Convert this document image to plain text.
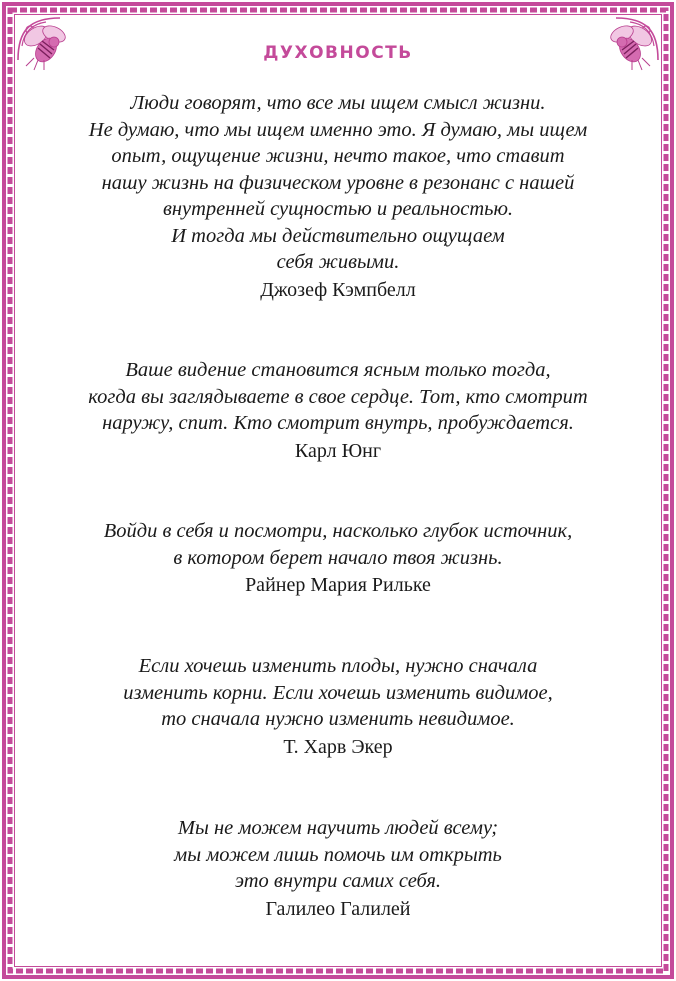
ДУХОВНОСТЬ
Люди говорят, что все мы ищем смысл жизни.
Не думаю, что мы ищем именно это. Я думаю, мы ищем
опыт, ощущение жизни, нечто такое, что ставит
нашу жизнь на физическом уровне в резонанс с нашей
внутренней сущностью и реальностью.
И тогда мы действительно ощущаем
себя живыми.
Джозеф Кэмпбелл
Ваше видение становится ясным только тогда,
когда вы заглядываете в свое сердце. Тот, кто смотрит
наружу, спит. Кто смотрит внутрь, пробуждается.
Карл Юнг
Войди в себя и посмотри, насколько глубок источник,
в котором берет начало твоя жизнь.
Райнер Мария Рильке
Если хочешь изменить плоды, нужно сначала
изменить корни. Если хочешь изменить видимое,
то сначала нужно изменить невидимое.
Т. Харв Экер
Мы не можем научить людей всему;
мы можем лишь помочь им открыть
это внутри самих себя.
Галилео Галилей
